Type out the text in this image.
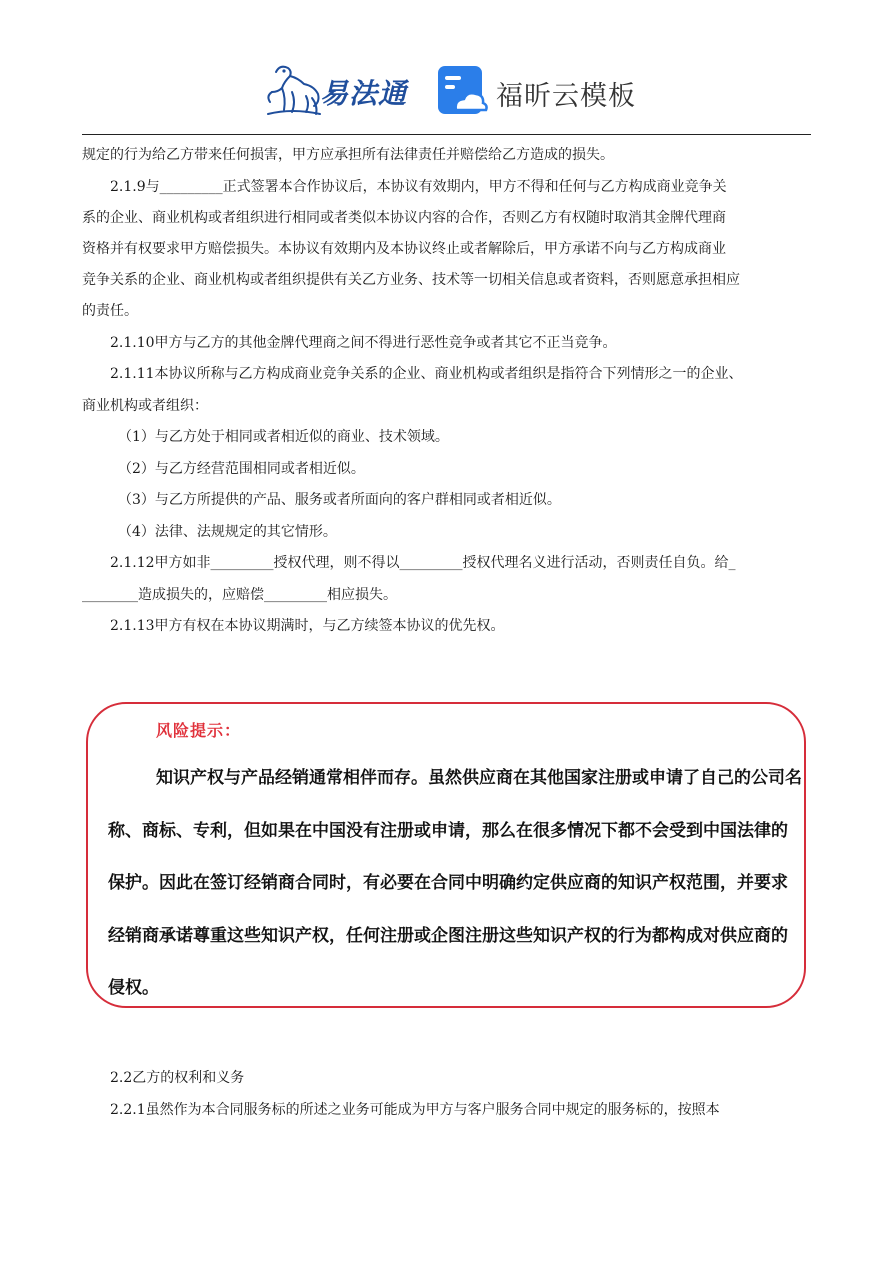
易法通	福昕云模板

规定的行为给乙方带来任何损害，甲方应承担所有法律责任并赔偿给乙方造成的损失。

2.1.9与_________正式签署本合作协议后，本协议有效期内，甲方不得和任何与乙方构成商业竞争关

系的企业、商业机构或者组织进行相同或者类似本协议内容的合作，否则乙方有权随时取消其金牌代理商

资格并有权要求甲方赔偿损失。本协议有效期内及本协议终止或者解除后，甲方承诺不向与乙方构成商业

竞争关系的企业、商业机构或者组织提供有关乙方业务、技术等一切相关信息或者资料，否则愿意承担相应

的责任。

2.1.10甲方与乙方的其他金牌代理商之间不得进行恶性竞争或者其它不正当竞争。

2.1.11本协议所称与乙方构成商业竞争关系的企业、商业机构或者组织是指符合下列情形之一的企业、

商业机构或者组织：

（1）与乙方处于相同或者相近似的商业、技术领域。

（2）与乙方经营范围相同或者相近似。

（3）与乙方所提供的产品、服务或者所面向的客户群相同或者相近似。

（4）法律、法规规定的其它情形。

2.1.12甲方如非_________授权代理，则不得以_________授权代理名义进行活动，否则责任自负。给_

________造成损失的，应赔偿_________相应损失。

2.1.13甲方有权在本协议期满时，与乙方续签本协议的优先权。

风险提示：

知识产权与产品经销通常相伴而存。虽然供应商在其他国家注册或申请了自己的公司名

称、商标、专利，但如果在中国没有注册或申请，那么在很多情况下都不会受到中国法律的

保护。因此在签订经销商合同时，有必要在合同中明确约定供应商的知识产权范围，并要求

经销商承诺尊重这些知识产权，任何注册或企图注册这些知识产权的行为都构成对供应商的

侵权。

2.2乙方的权利和义务

2.2.1虽然作为本合同服务标的所述之业务可能成为甲方与客户服务合同中规定的服务标的，按照本
